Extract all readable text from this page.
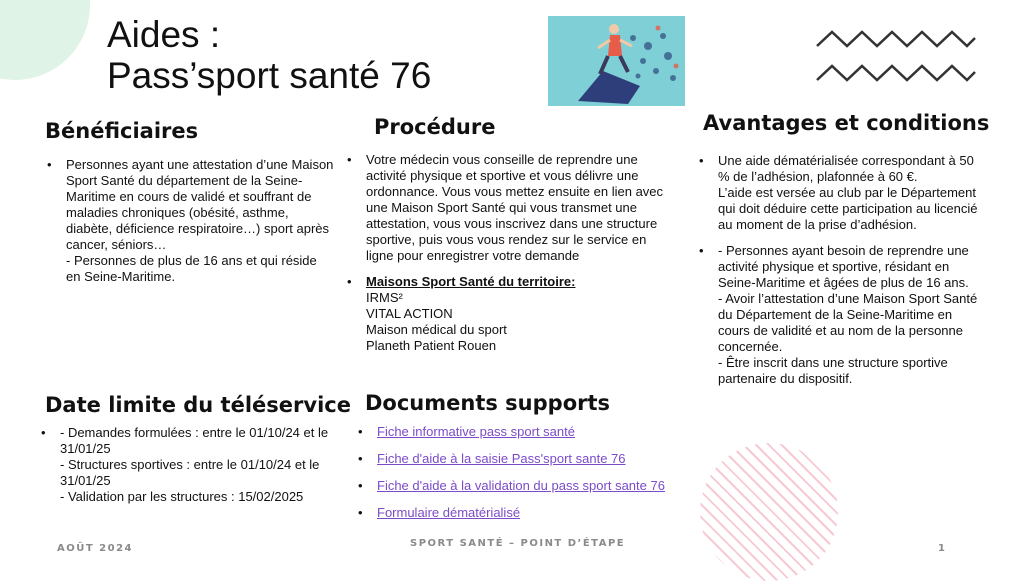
Aides :
Pass’sport santé 76
Bénéficiaires	Procédure	Avantages et conditions
Date limite du téléservice Documents supports
• Personnes ayant une attestation d’une Maison Sport Santé du département de la Seine-Maritime en cours de validé et souffrant de maladies chroniques (obésité, asthme, diabète, déficience respiratoire…) sport après cancer, séniors…
- Personnes de plus de 16 ans et qui réside en Seine-Maritime.
• Votre médecin vous conseille de reprendre une activité physique et sportive et vous délivre une ordonnance. Vous vous mettez ensuite en lien avec une Maison Sport Santé qui vous transmet une attestation, vous vous inscrivez dans une structure sportive, puis vous vous rendez sur le service en ligne pour enregistrer votre demande
• Maisons Sport Santé du territoire:
IRMS²
VITAL ACTION
Maison médical du sport
Planeth Patient Rouen
• Une aide dématérialisée correspondant à 50 % de l’adhésion, plafonnée à 60 €.
L’aide est versée au club par le Département qui doit déduire cette participation au licencié au moment de la prise d’adhésion.
• - Personnes ayant besoin de reprendre une activité physique et sportive, résidant en Seine-Maritime et âgées de plus de 16 ans.
- Avoir l’attestation d’une Maison Sport Santé du Département de la Seine-Maritime en cours de validité et au nom de la personne concernée.
- Être inscrit dans une structure sportive partenaire du dispositif.
• - Demandes formulées : entre le 01/10/24 et le 31/01/25
- Structures sportives : entre le 01/10/24 et le 31/01/25
- Validation par les structures : 15/02/2025
• Fiche informative pass sport santé
• Fiche d'aide à la saisie Pass'sport sante 76
• Fiche d'aide à la validation du pass sport sante 76
• Formulaire dématérialisé
AOÛT 2024	SPORT SANTÉ – POINT D’ÉTAPE	1
